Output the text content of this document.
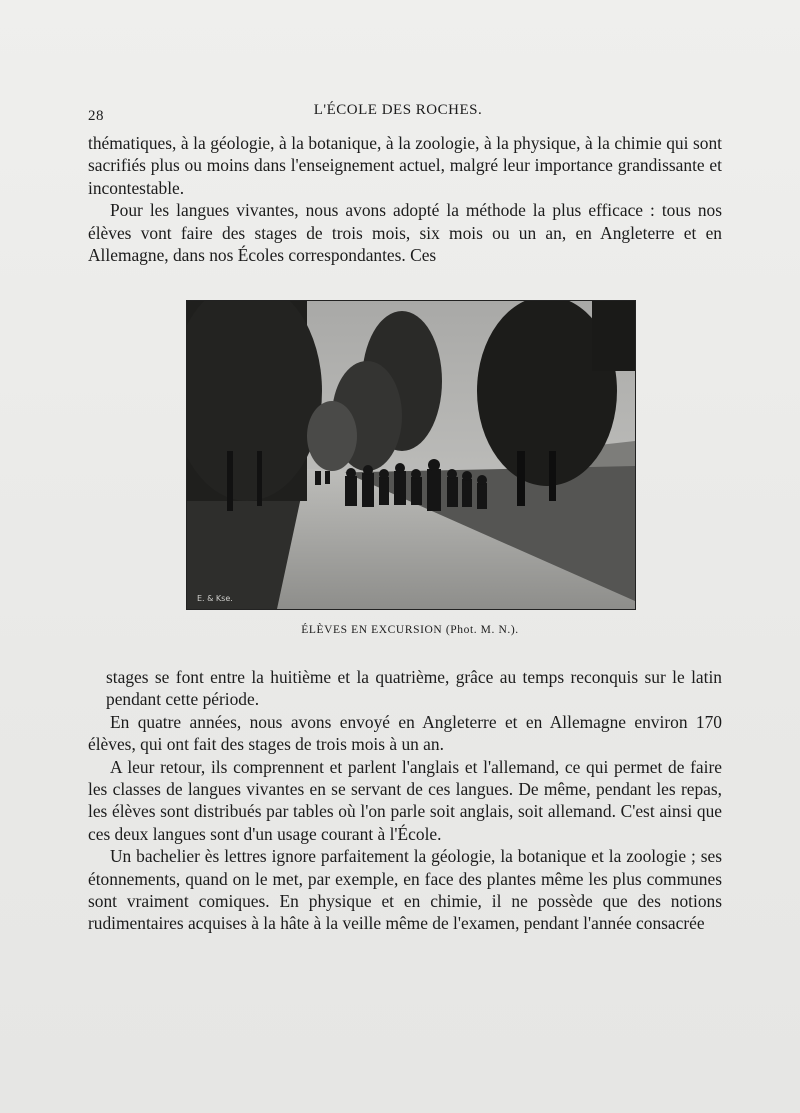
28	L'ÉCOLE DES ROCHES.

thématiques, à la géologie, à la botanique, à la zoologie, à la physique, à la chimie qui sont sacrifiés plus ou moins dans l'enseignement actuel, malgré leur importance grandissante et incontestable.

Pour les langues vivantes, nous avons adopté la méthode la plus efficace : tous nos élèves vont faire des stages de trois mois, six mois ou un an, en Angleterre et en Allemagne, dans nos Écoles correspondantes. Ces

E. & Kse.
ÉLÈVES EN EXCURSION (Phot. M. N.).

stages se font entre la huitième et la quatrième, grâce au temps reconquis sur le latin pendant cette période.

En quatre années, nous avons envoyé en Angleterre et en Allemagne environ 170 élèves, qui ont fait des stages de trois mois à un an.

A leur retour, ils comprennent et parlent l'anglais et l'allemand, ce qui permet de faire les classes de langues vivantes en se servant de ces langues. De même, pendant les repas, les élèves sont distribués par tables où l'on parle soit anglais, soit allemand. C'est ainsi que ces deux langues sont d'un usage courant à l'École.

Un bachelier ès lettres ignore parfaitement la géologie, la botanique et la zoologie ; ses étonnements, quand on le met, par exemple, en face des plantes même les plus communes sont vraiment comiques. En physique et en chimie, il ne possède que des notions rudimentaires acquises à la hâte à la veille même de l'examen, pendant l'année consacrée
